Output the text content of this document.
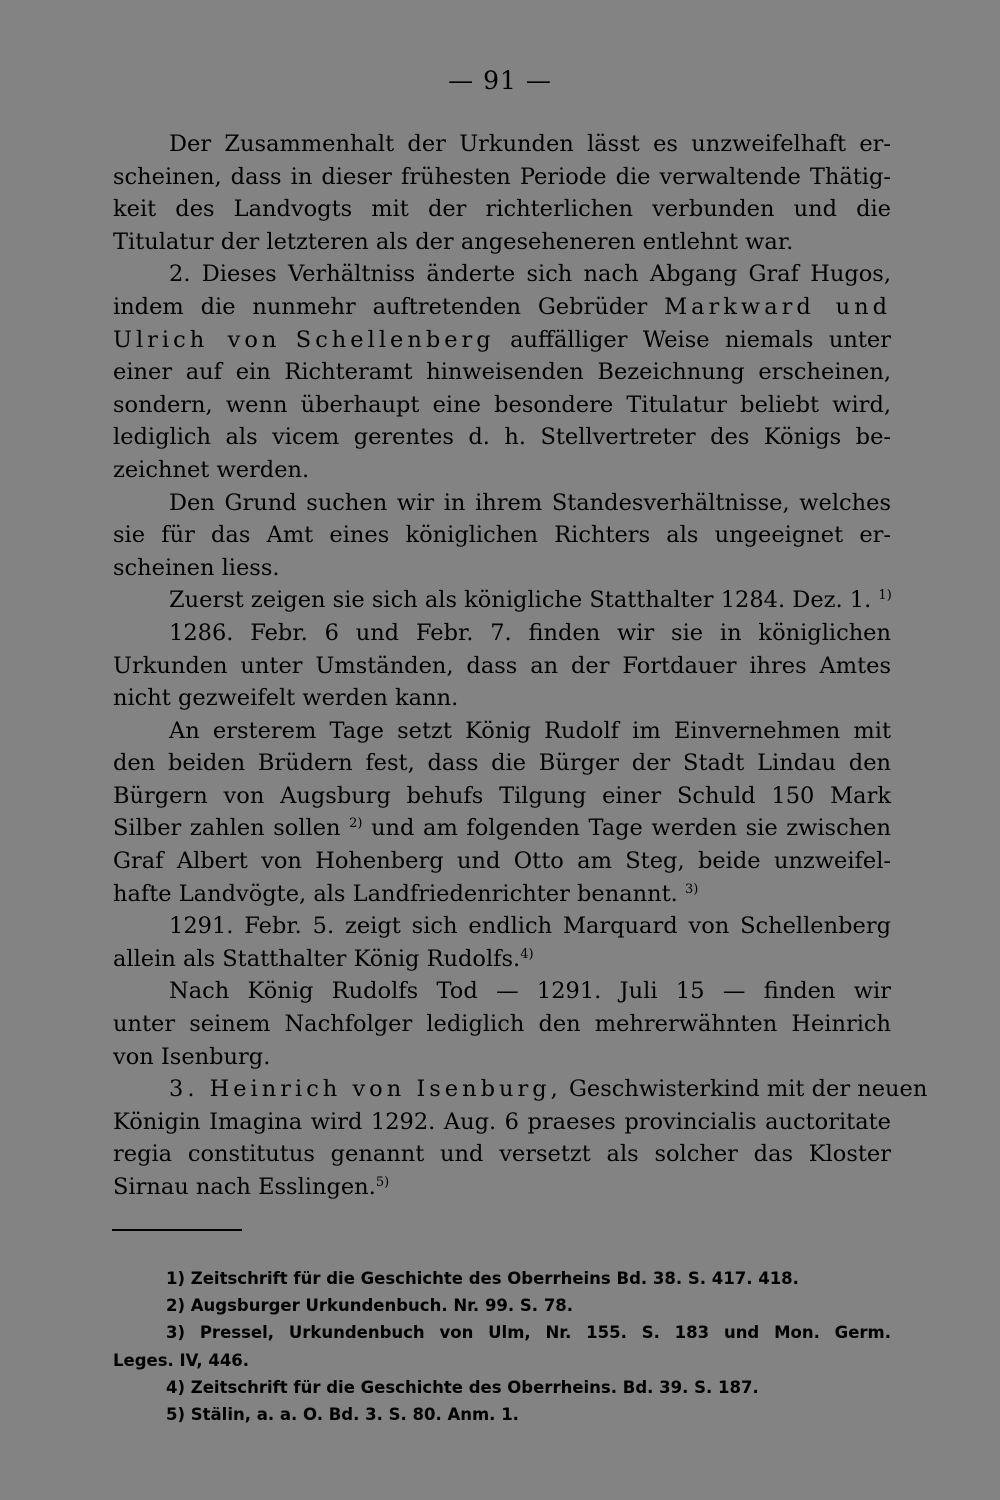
— 91 —
Der Zusammenhalt der Urkunden lässt es unzweifelhaft er-
scheinen, dass in dieser frühesten Periode die verwaltende Thätig-
keit des Landvogts mit der richterlichen verbunden und die
Titulatur der letzteren als der angeseheneren entlehnt war.
2. Dieses Verhältniss änderte sich nach Abgang Graf Hugos,
indem die nunmehr auftretenden Gebrüder Markward und
Ulrich von Schellenberg auffälliger Weise niemals unter
einer auf ein Richteramt hinweisenden Bezeichnung erscheinen,
sondern, wenn überhaupt eine besondere Titulatur beliebt wird,
lediglich als vicem gerentes d. h. Stellvertreter des Königs be-
zeichnet werden.
Den Grund suchen wir in ihrem Standesverhältnisse, welches
sie für das Amt eines königlichen Richters als ungeeignet er-
scheinen liess.
Zuerst zeigen sie sich als königliche Statthalter 1284. Dez. 1. $^{1)}$
1286. Febr. 6 und Febr. 7. finden wir sie in königlichen
Urkunden unter Umständen, dass an der Fortdauer ihres Amtes
nicht gezweifelt werden kann.
An ersterem Tage setzt König Rudolf im Einvernehmen mit
den beiden Brüdern fest, dass die Bürger der Stadt Lindau den
Bürgern von Augsburg behufs Tilgung einer Schuld 150 Mark
Silber zahlen sollen $^{2)}$ und am folgenden Tage werden sie zwischen
Graf Albert von Hohenberg und Otto am Steg, beide unzweifel-
hafte Landvögte, als Landfriedenrichter benannt. $^{3)}$
1291. Febr. 5. zeigt sich endlich Marquard von Schellenberg
allein als Statthalter König Rudolfs.$^{4)}$
Nach König Rudolfs Tod — 1291. Juli 15 — finden wir
unter seinem Nachfolger lediglich den mehrerwähnten Heinrich
von Isenburg.
3. Heinrich von Isenburg, Geschwisterkind mit der neuen
Königin Imagina wird 1292. Aug. 6 praeses provincialis auctoritate
regia constitutus genannt und versetzt als solcher das Kloster
Sirnau nach Esslingen.$^{5)}$
1) Zeitschrift für die Geschichte des Oberrheins Bd. 38. S. 417. 418.
2) Augsburger Urkundenbuch. Nr. 99. S. 78.
3) Pressel, Urkundenbuch von Ulm, Nr. 155. S. 183 und Mon. Germ.
Leges. IV, 446.
4) Zeitschrift für die Geschichte des Oberrheins. Bd. 39. S. 187.
5) Stälin, a. a. O. Bd. 3. S. 80. Anm. 1.
